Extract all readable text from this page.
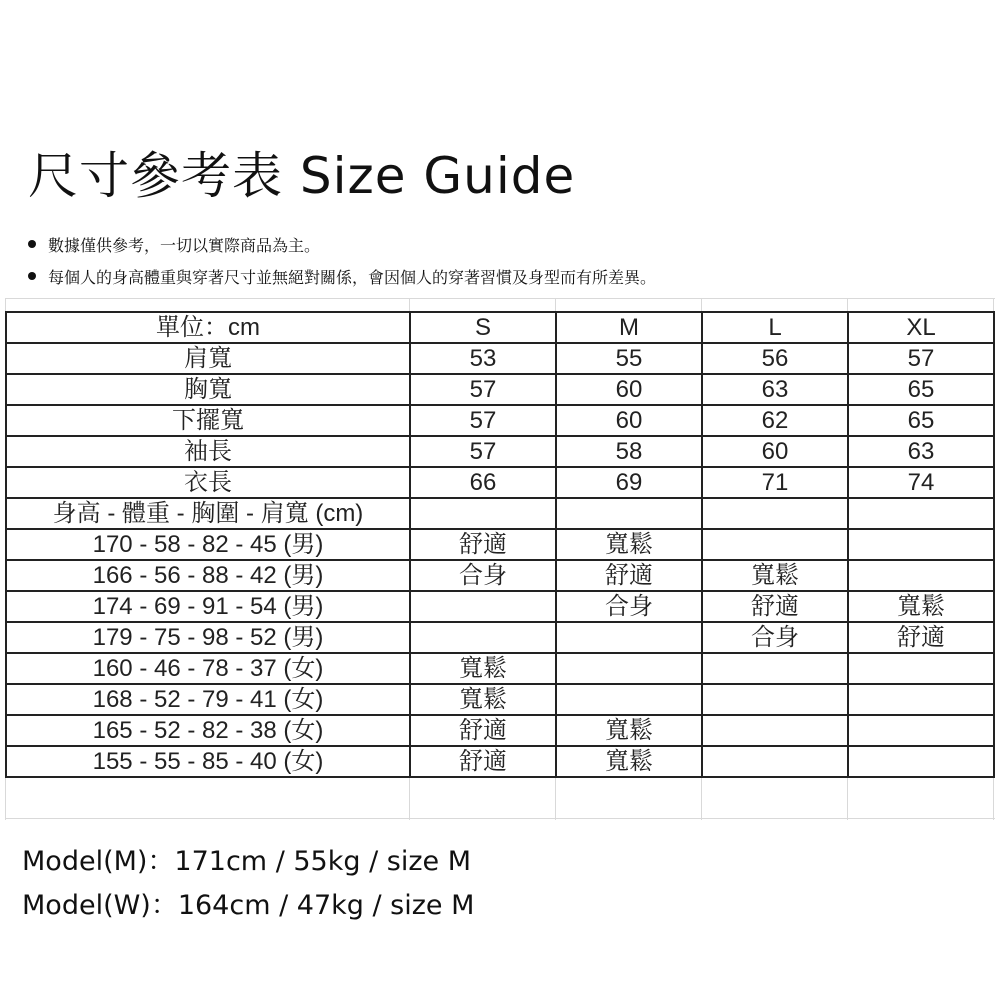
尺寸參考表 Size Guide
數據僅供參考，一切以實際商品為主。
每個人的身高體重與穿著尺寸並無絕對關係，會因個人的穿著習慣及身型而有所差異。
單位：cm	S	M	L	XL
肩寬	53	55	56	57
胸寬	57	60	63	65
下擺寬	57	60	62	65
袖長	57	58	60	63
衣長	66	69	71	74
身高 - 體重 - 胸圍 - 肩寬 (cm)				
170 - 58 - 82 - 45 (男)	舒適	寬鬆		
166 - 56 - 88 - 42 (男)	合身	舒適	寬鬆	
174 - 69 - 91 - 54 (男)		合身	舒適	寬鬆
179 - 75 - 98 - 52 (男)			合身	舒適
160 - 46 - 78 - 37 (女)	寬鬆			
168 - 52 - 79 - 41 (女)	寬鬆			
165 - 52 - 82 - 38 (女)	舒適	寬鬆		
155 - 55 - 85 - 40 (女)	舒適	寬鬆		
Model(M)：171cm / 55kg / size M
Model(W)：164cm / 47kg / size M
